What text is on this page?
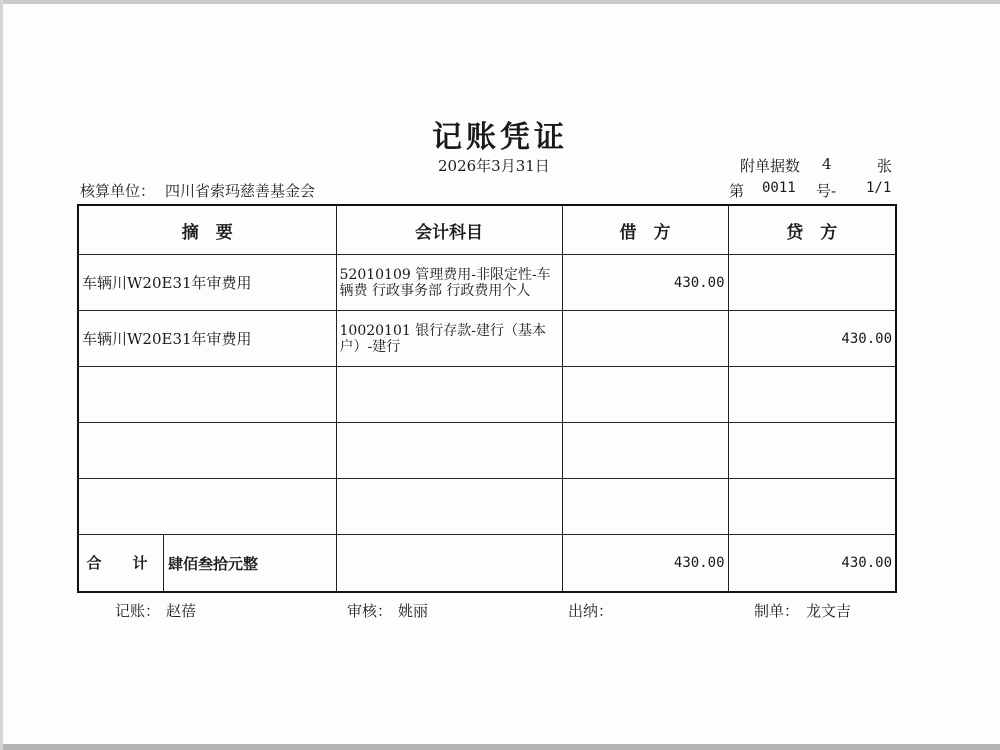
记账凭证
2026年3月31日	附单据数 4	张
核算单位： 四川省索玛慈善基金会	第 0011 号- 1/1
摘　要	会计科目	借　方	贷　方
车辆川W20E31年审费用	52010109 管理费用-非限定性-车辆费 行政事务部 行政费用个人	430.00	
车辆川W20E31年审费用	10020101 银行存款-建行（基本户）-建行		430.00

合　计 肆佰叁拾元整		430.00	430.00
记账： 赵蓓	审核： 姚丽	出纳：	制单： 龙文吉
